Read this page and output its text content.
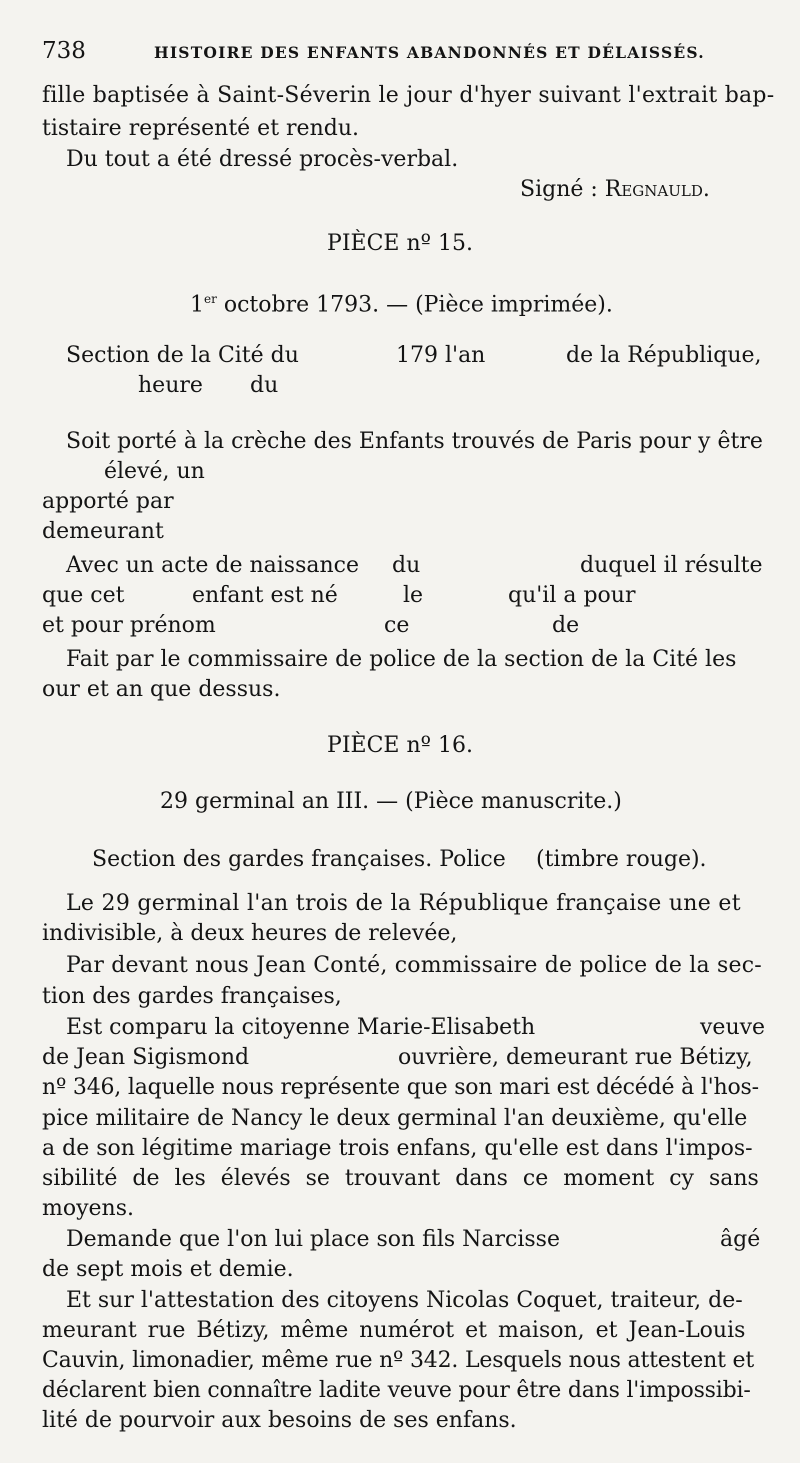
738	HISTOIRE DES ENFANTS ABANDONNÉS ET DÉLAISSÉS.
fille baptisée à Saint-Séverin le jour d'hyer suivant l'extrait bap-
tistaire représenté et rendu.
Du tout a été dressé procès-verbal.
Signé : Regnauld.
PIÈCE nº 15.
1er octobre 1793. — (Pièce imprimée).
Section de la Cité du	179 l'an	de la République,
heure du
Soit porté à la crèche des Enfants trouvés de Paris pour y être
élevé, un
apporté par
demeurant
Avec un acte de naissance du	duquel il résulte
que cet	enfant est né	le	qu'il a pour
et pour prénom	ce	de
Fait par le commissaire de police de la section de la Cité les
our et an que dessus.
PIÈCE nº 16.
29 germinal an III. — (Pièce manuscrite.)
Section des gardes françaises. Police (timbre rouge).
Le 29 germinal l'an trois de la République française une et
indivisible, à deux heures de relevée,
Par devant nous Jean Conté, commissaire de police de la sec-
tion des gardes françaises,
Est comparu la citoyenne Marie-Elisabeth	veuve
de Jean Sigismond	ouvrière, demeurant rue Bétizy,
nº 346, laquelle nous représente que son mari est décédé à l'hos-
pice militaire de Nancy le deux germinal l'an deuxième, qu'elle
a de son légitime mariage trois enfans, qu'elle est dans l'impos-
sibilité de les élevés se trouvant dans ce moment cy sans
moyens.
Demande que l'on lui place son fils Narcisse	âgé
de sept mois et demie.
Et sur l'attestation des citoyens Nicolas Coquet, traiteur, de-
meurant rue Bétizy, même numérot et maison, et Jean-Louis
Cauvin, limonadier, même rue nº 342. Lesquels nous attestent et
déclarent bien connaître ladite veuve pour être dans l'impossibi-
lité de pourvoir aux besoins de ses enfans.
